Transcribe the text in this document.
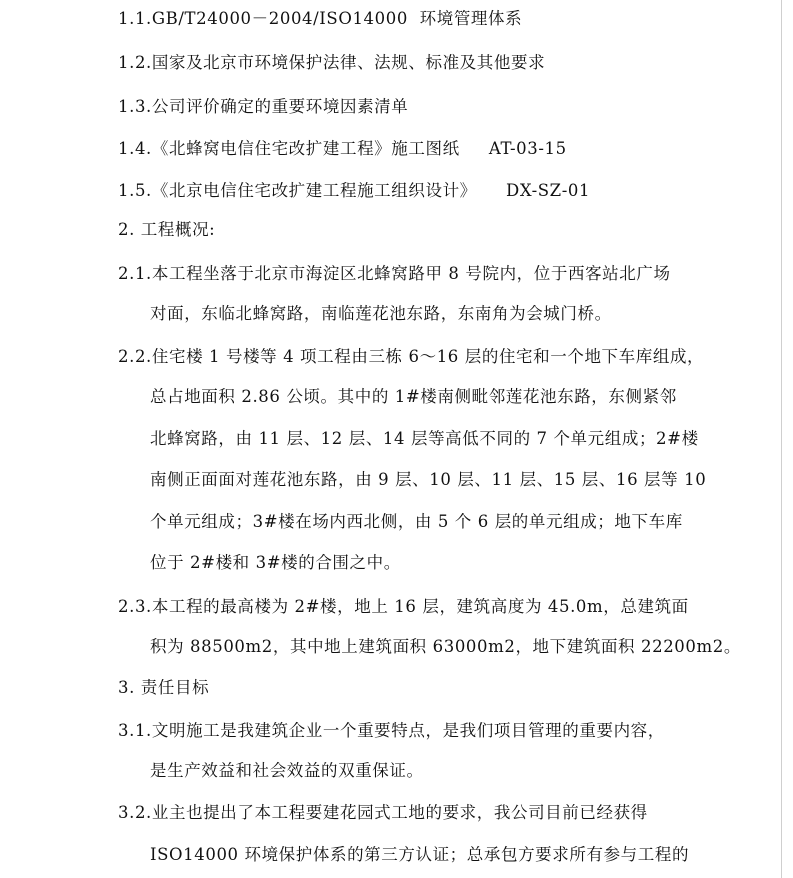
1.1.GB/T24000－2004/ISO14000  环境管理体系
1.2.国家及北京市环境保护法律、法规、标准及其他要求
1.3.公司评价确定的重要环境因素清单
1.4.《北蜂窝电信住宅改扩建工程》施工图纸     AT-03-15
1.5.《北京电信住宅改扩建工程施工组织设计》     DX-SZ-01
2. 工程概况:
2.1.本工程坐落于北京市海淀区北蜂窝路甲 8 号院内，位于西客站北广场
对面，东临北蜂窝路，南临莲花池东路，东南角为会城门桥。
2.2.住宅楼 1 号楼等 4 项工程由三栋 6～16 层的住宅和一个地下车库组成，
总占地面积 2.86 公顷。其中的 1#楼南侧毗邻莲花池东路，东侧紧邻
北蜂窝路，由 11 层、12 层、14 层等高低不同的 7 个单元组成；2#楼
南侧正面面对莲花池东路，由 9 层、10 层、11 层、15 层、16 层等 10
个单元组成；3#楼在场内西北侧，由 5 个 6 层的单元组成；地下车库
位于 2#楼和 3#楼的合围之中。
2.3.本工程的最高楼为 2#楼，地上 16 层，建筑高度为 45.0m，总建筑面
积为 88500m2，其中地上建筑面积 63000m2，地下建筑面积 22200m2。
3. 责任目标
3.1.文明施工是我建筑企业一个重要特点，是我们项目管理的重要内容，
是生产效益和社会效益的双重保证。
3.2.业主也提出了本工程要建花园式工地的要求，我公司目前已经获得
ISO14000 环境保护体系的第三方认证；总承包方要求所有参与工程的
